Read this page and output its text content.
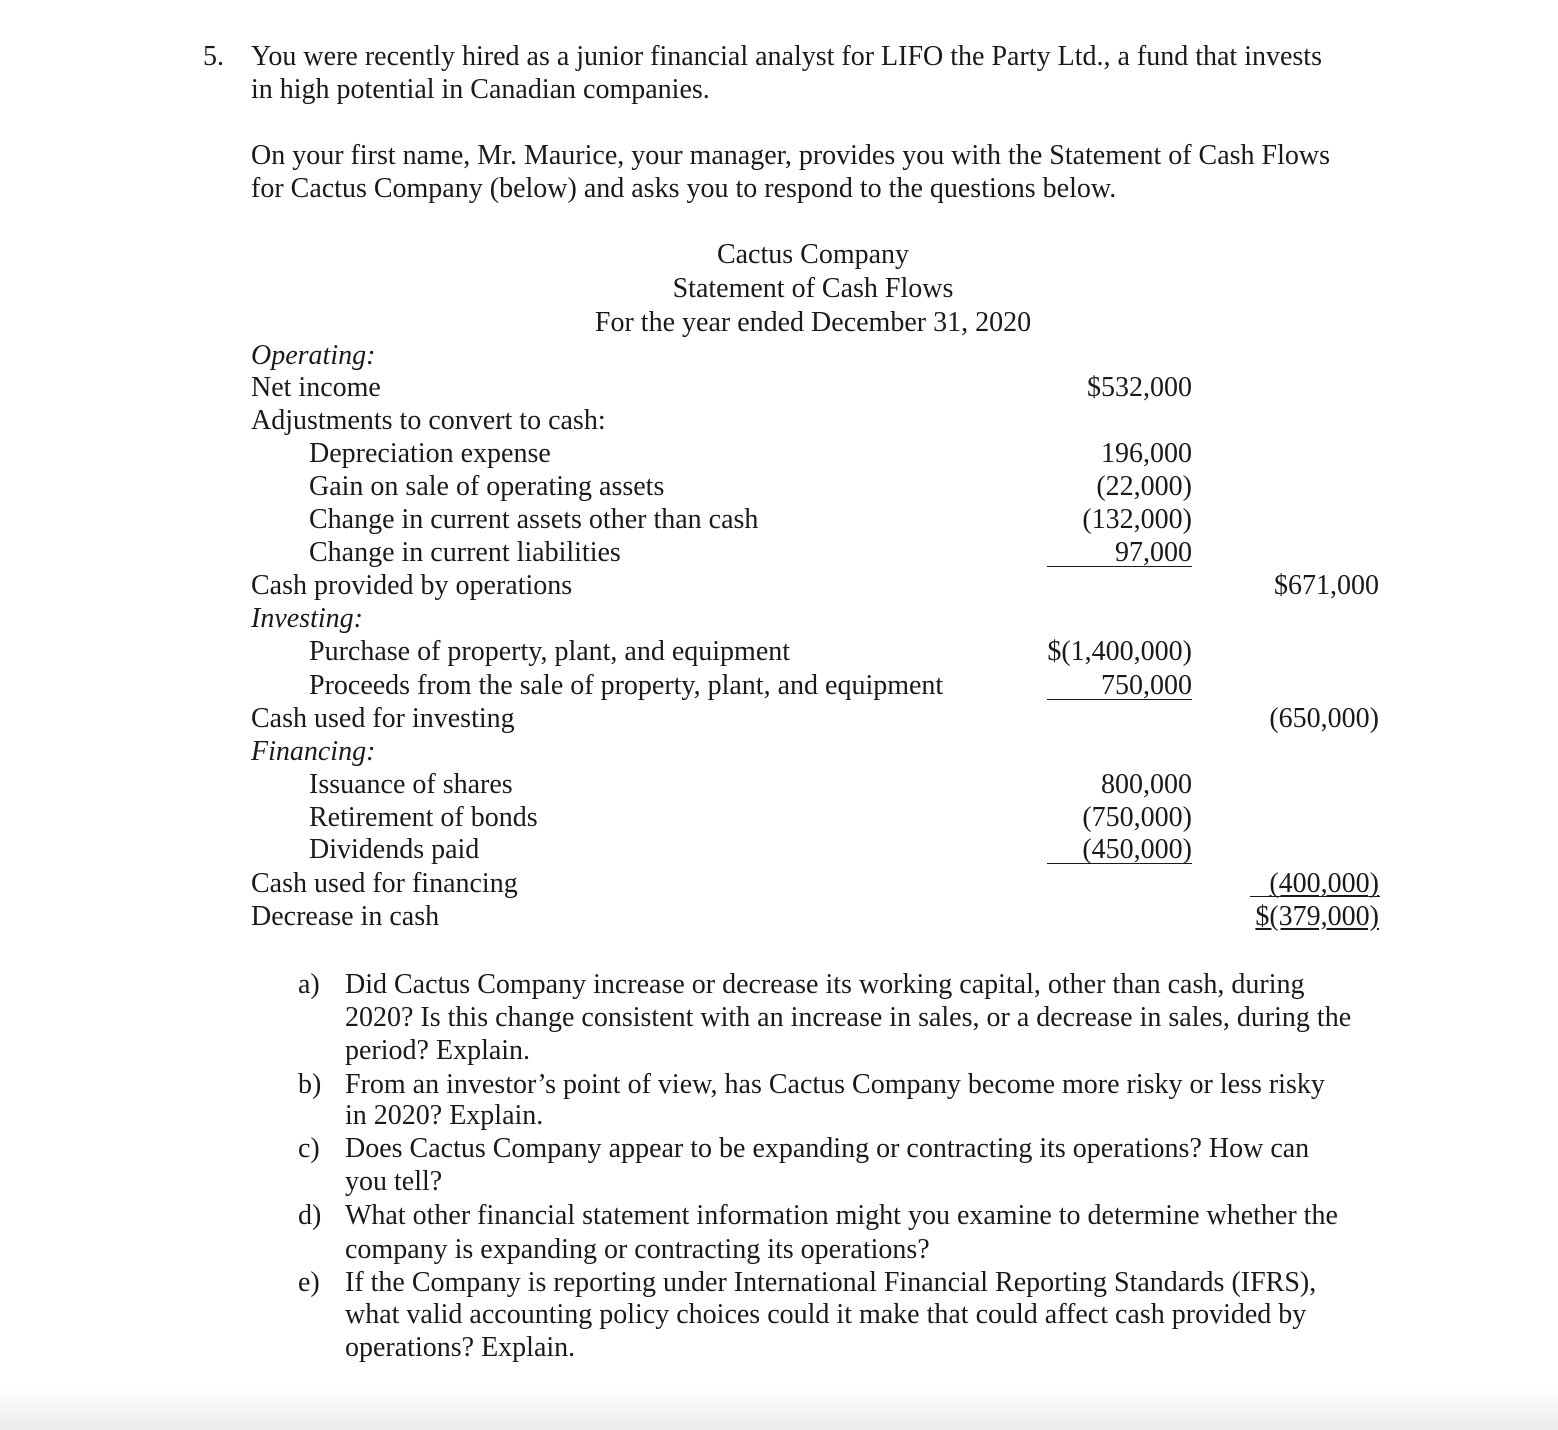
5. You were recently hired as a junior financial analyst for LIFO the Party Ltd., a fund that invests
in high potential in Canadian companies.
On your first name, Mr. Maurice, your manager, provides you with the Statement of Cash Flows
for Cactus Company (below) and asks you to respond to the questions below.
Cactus Company
Statement of Cash Flows
For the year ended December 31, 2020
Operating:
Net income	$532,000
Adjustments to convert to cash:
Depreciation expense	196,000
Gain on sale of operating assets	(22,000)
Change in current assets other than cash	(132,000)
Change in current liabilities	97,000
Cash provided by operations	$671,000
Investing:
Purchase of property, plant, and equipment	$(1,400,000)
Proceeds from the sale of property, plant, and equipment	750,000
Cash used for investing	(650,000)
Financing:
Issuance of shares	800,000
Retirement of bonds	(750,000)
Dividends paid	(450,000)
Cash used for financing	(400,000)
Decrease in cash	$(379,000)
a) Did Cactus Company increase or decrease its working capital, other than cash, during
2020? Is this change consistent with an increase in sales, or a decrease in sales, during the
period? Explain.
b) From an investor’s point of view, has Cactus Company become more risky or less risky
in 2020? Explain.
c) Does Cactus Company appear to be expanding or contracting its operations? How can
you tell?
d) What other financial statement information might you examine to determine whether the
company is expanding or contracting its operations?
e) If the Company is reporting under International Financial Reporting Standards (IFRS),
what valid accounting policy choices could it make that could affect cash provided by
operations? Explain.
